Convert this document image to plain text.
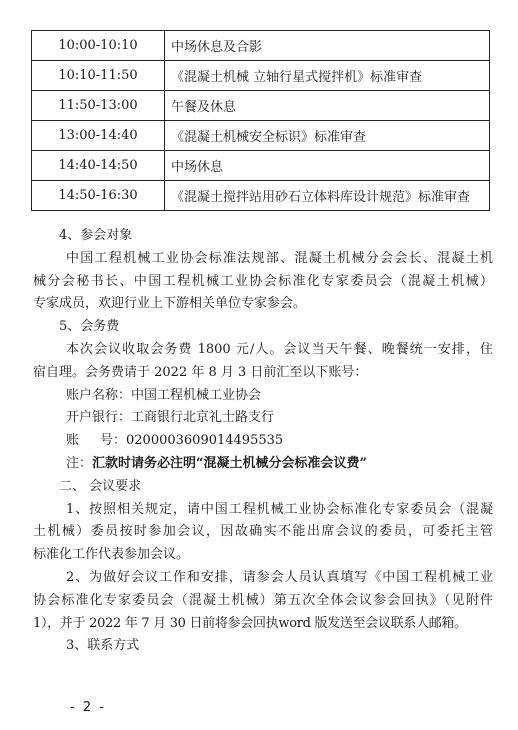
10:00-10:10	中场休息及合影
10:10-11:50	《混凝土机械 立轴行星式搅拌机》标准审查
11:50-13:00	午餐及休息
13:00-14:40	《混凝土机械安全标识》标准审查
14:40-14:50	中场休息
14:50-16:30	《混凝土搅拌站用砂石立体料库设计规范》标准审查
4、参会对象
中国工程机械工业协会标准法规部、混凝土机械分会会长、混凝土机
械分会秘书长、中国工程机械工业协会标准化专家委员会（混凝土机械）
专家成员，欢迎行业上下游相关单位专家参会。
5、会务费
本次会议收取会务费 1800 元/人。会议当天午餐、晚餐统一安排，住
宿自理。会务费请于 2022 年 8 月 3 日前汇至以下账号：
账户名称：中国工程机械工业协会
开户银行：工商银行北京礼士路支行
账 号：0200003609014495535
注：汇款时请务必注明“混凝土机械分会标准会议费”
二、 会议要求
1、按照相关规定，请中国工程机械工业协会标准化专家委员会（混凝
土机械）委员按时参加会议，因故确实不能出席会议的委员，可委托主管
标准化工作代表参加会议。
2、为做好会议工作和安排，请参会人员认真填写《中国工程机械工业
协会标准化专家委员会（混凝土机械）第五次全体会议参会回执》（见附件
1），并于 2022 年 7 月 30 日前将参会回执word 版发送至会议联系人邮箱。
3、联系方式
- 2 -
